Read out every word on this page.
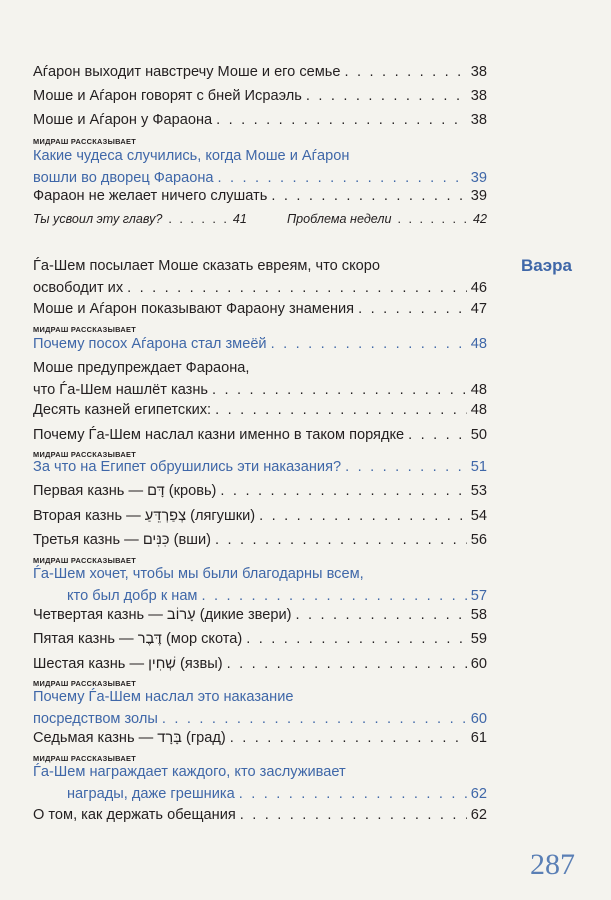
Аѓарон выходит навстречу Моше и его семье . . .	38
Моше и Аѓарон говорят с бней Исраэль . . .	38
Моше и Аѓарон у Фараона . . .	38
МИДРАШ РАССКАЗЫВАЕТ
Какие чудеса случились, когда Моше и Аѓарон
вошли во дворец Фараона . . .	39
Фараон не желает ничего слушать . . .	39
Ты усвоил эту главу? . . . . . . 41	Проблема недели . . . . . . . 42
Ѓа-Шем посылает Моше сказать евреям, что скоро
освободит их . . .	46
Моше и Аѓарон показывают Фараону знамения . . .	47
МИДРАШ РАССКАЗЫВАЕТ
Почему посох Аѓарона стал змеёй . . .	48
Моше предупреждает Фараона,
что Ѓа-Шем нашлёт казнь . . .	48
Десять казней египетских: . . .	48
Почему Ѓа-Шем наслал казни именно в таком порядке . . .	50
МИДРАШ РАССКАЗЫВАЕТ
За что на Египет обрушились эти наказания? . . .	51
Первая казнь — דָּם (кровь) . . .	53
Вторая казнь — צְפַרְדֵּעַ (лягушки) . . .	54
Третья казнь — כִּנִּים (вши) . . .	56
МИДРАШ РАССКАЗЫВАЕТ
Ѓа-Шем хочет, чтобы мы были благодарны всем,
кто был добр к нам . . .	57
Четвертая казнь — עָרוֹב (дикие звери) . . .	58
Пятая казнь — דֶּבֶר (мор скота) . . .	59
Шестая казнь — שְׁחִין (язвы) . . .	60
МИДРАШ РАССКАЗЫВАЕТ
Почему Ѓа-Шем наслал это наказание
посредством золы . . .	60
Седьмая казнь — בָּרָד (град) . . .	61
МИДРАШ РАССКАЗЫВАЕТ
Ѓа-Шем награждает каждого, кто заслуживает
награды, даже грешника . . .	62
О том, как держать обещания . . .	62
Ваэра
287
